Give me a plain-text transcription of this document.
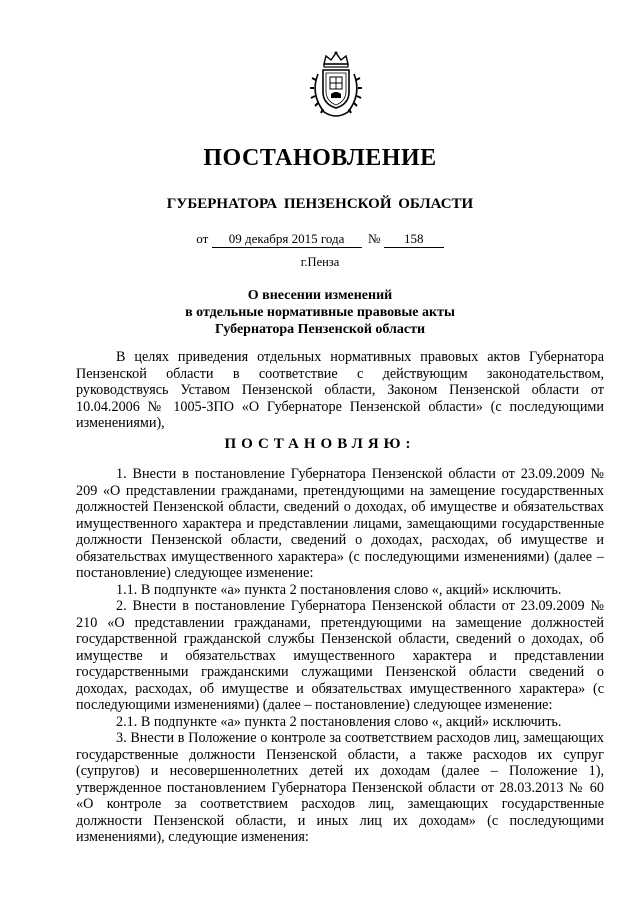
ПОСТАНОВЛЕНИЕ
ГУБЕРНАТОРА ПЕНЗЕНСКОЙ ОБЛАСТИ
от 09 декабря 2015 года № 158
г.Пенза
О внесении изменений
в отдельные нормативные правовые акты
Губернатора Пензенской области

В целях приведения отдельных нормативных правовых актов Губернатора Пензенской области в соответствие с действующим законодательством, руководствуясь Уставом Пензенской области, Законом Пензенской области от 10.04.2006 № 1005-ЗПО «О Губернаторе Пензенской области» (с последующими изменениями),

ПОСТАНОВЛЯЮ:

1. Внести в постановление Губернатора Пензенской области от 23.09.2009 № 209 «О представлении гражданами, претендующими на замещение государственных должностей Пензенской области, сведений о доходах, об имуществе и обязательствах имущественного характера и представлении лицами, замещающими государственные должности Пензенской области, сведений о доходах, расходах, об имуществе и обязательствах имущественного характера» (с последующими изменениями) (далее – постановление) следующее изменение:

1.1. В подпункте «а» пункта 2 постановления слово «, акций» исключить.

2. Внести в постановление Губернатора Пензенской области от 23.09.2009 № 210 «О представлении гражданами, претендующими на замещение должностей государственной гражданской службы Пензенской области, сведений о доходах, об имуществе и обязательствах имущественного характера и представлении государственными гражданскими служащими Пензенской области сведений о доходах, расходах, об имуществе и обязательствах имущественного характера» (с последующими изменениями) (далее – постановление) следующее изменение:

2.1. В подпункте «а» пункта 2 постановления слово «, акций» исключить.

3. Внести в Положение о контроле за соответствием расходов лиц, замещающих государственные должности Пензенской области, а также расходов их супруг (супругов) и несовершеннолетних детей их доходам (далее – Положение 1), утвержденное постановлением Губернатора Пензенской области от 28.03.2013 № 60 «О контроле за соответствием расходов лиц, замещающих государственные должности Пензенской области, и иных лиц их доходам» (с последующими изменениями), следующие изменения:
